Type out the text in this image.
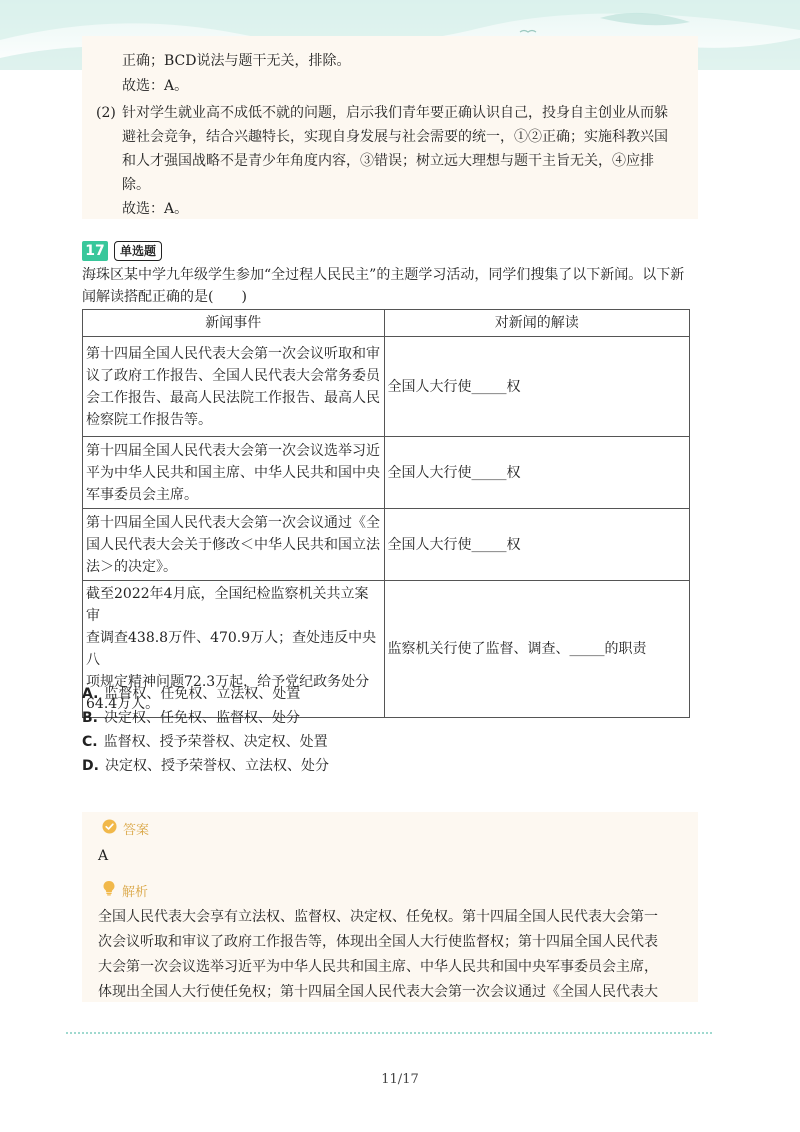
正确；BCD说法与题干无关，排除。
故选：A。
(2) 针对学生就业高不成低不就的问题，启示我们青年要正确认识自己，投身自主创业从而躲
避社会竞争，结合兴趣特长，实现自身发展与社会需要的统一，①②正确；实施科教兴国
和人才强国战略不是青少年角度内容，③错误；树立远大理想与题干主旨无关，④应排
除。
故选：A。
17	单选题
海珠区某中学九年级学生参加“全过程人民民主”的主题学习活动，同学们搜集了以下新闻。以下新
闻解读搭配正确的是(　　)
新闻事件	对新闻的解读

第十四届全国人民代表大会第一次会议听取和审
议了政府工作报告、全国人民代表大会常务委员
会工作报告、最高人民法院工作报告、最高人民
检察院工作报告等。	全国人大行使_____权

第十四届全国人民代表大会第一次会议选举习近
平为中华人民共和国主席、中华人民共和国中央
军事委员会主席。	全国人大行使_____权

第十四届全国人民代表大会第一次会议通过《全
国人民代表大会关于修改＜中华人民共和国立法
法＞的决定》。	全国人大行使_____权

截至2022年4月底，全国纪检监察机关共立案审
查调查438.8万件、470.9万人；查处违反中央八
项规定精神问题72.3万起，给予党纪政务处分
64.4万人。	监察机关行使了监督、调查、_____的职责
A. 监督权、任免权、立法权、处置
B. 决定权、任免权、监督权、处分
C. 监督权、授予荣誉权、决定权、处置
D. 决定权、授予荣誉权、立法权、处分
答案
A
解析
全国人民代表大会享有立法权、监督权、决定权、任免权。第十四届全国人民代表大会第一
次会议听取和审议了政府工作报告等，体现出全国人大行使监督权；第十四届全国人民代表
大会第一次会议选举习近平为中华人民共和国主席、中华人民共和国中央军事委员会主席，
体现出全国人大行使任免权；第十四届全国人民代表大会第一次会议通过《全国人民代表大
11/17
